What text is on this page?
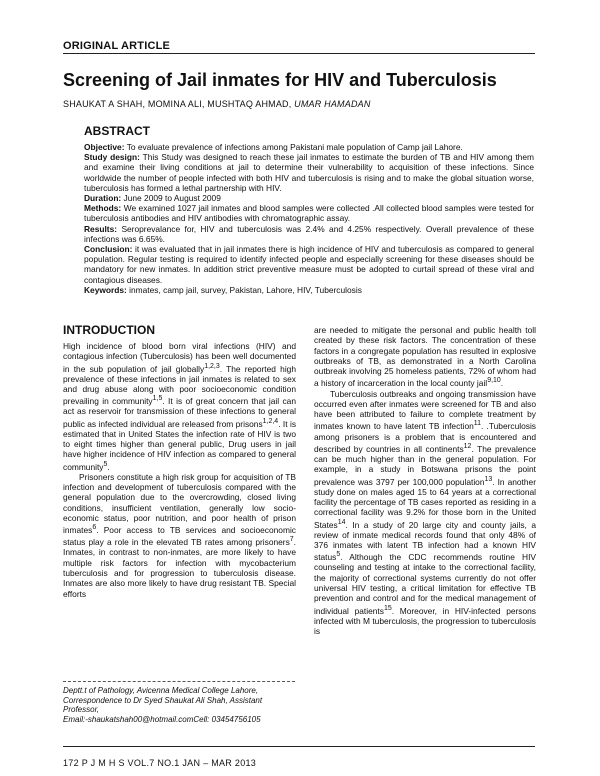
ORIGINAL ARTICLE
Screening of Jail inmates for HIV and Tuberculosis
SHAUKAT A SHAH, MOMINA ALI, MUSHTAQ AHMAD, UMAR HAMADAN
ABSTRACT

Objective: To evaluate prevalence of infections among Pakistani male population of Camp jail Lahore.

Study design: This Study was designed to reach these jail inmates to estimate the burden of TB and HIV among them and examine their living conditions at jail to determine their vulnerability to acquisition of these infections. Since worldwide the number of people infected with both HIV and tuberculosis is rising and to make the global situation worse, tuberculosis has formed a lethal partnership with HIV.

Duration: June 2009 to August 2009

Methods: We examined 1027 jail inmates and blood samples were collected .All collected blood samples were tested for tuberculosis antibodies and HIV antibodies with chromatographic assay.

Results: Seroprevalance for, HIV and tuberculosis was 2.4% and 4.25% respectively. Overall prevalence of these infections was 6.65%.

Conclusion: it was evaluated that in jail inmates there is high incidence of HIV and tuberculosis as compared to general population. Regular testing is required to identify infected people and especially screening for these diseases should be mandatory for new inmates. In addition strict preventive measure must be adopted to curtail spread of these viral and contagious diseases.

Keywords: inmates, camp jail, survey, Pakistan, Lahore, HIV, Tuberculosis

INTRODUCTION

High incidence of blood born viral infections (HIV) and contagious infection (Tuberculosis) has been well documented in the sub population of jail globally$^{1,2,3}$. The reported high prevalence of these infections in jail inmates is related to sex and drug abuse along with poor socioeconomic condition prevailing in community$^{1,5}$. It is of great concern that jail can act as reservoir for transmission of these infections to general public as infected individual are released from prisons$^{1,2,4}$. It is estimated that in United States the infection rate of HIV is two to eight times higher than general public, Drug users in jail have higher incidence of HIV infection as compared to general community$^5$.

Prisoners constitute a high risk group for acquisition of TB infection and development of tuberculosis compared with the general population due to the overcrowding, closed living conditions, insufficient ventilation, generally low socio-economic status, poor nutrition, and poor health of prison inmates$^6$. Poor access to TB services and socioeconomic status play a role in the elevated TB rates among prisoners$^7$. Inmates, in contrast to non-inmates, are more likely to have multiple risk factors for infection with mycobacterium tuberculosis and for progression to tuberculosis disease. Inmates are also more likely to have drug resistant TB. Special efforts

Deptt.t of Pathology, Avicenna Medical College Lahore,
Correspondence to Dr Syed Shaukat Ali Shah, Assistant Professor,
Email:-shaukatshah00@hotmail.comCell: 03454756105

are needed to mitigate the personal and public health toll created by these risk factors. The concentration of these factors in a congregate population has resulted in explosive outbreaks of TB, as demonstrated in a North Carolina outbreak involving 25 homeless patients, 72% of whom had a history of incarceration in the local county jail$^{9,10}$.

Tuberculosis outbreaks and ongoing transmission have occurred even after inmates were screened for TB and also have been attributed to failure to complete treatment by inmates known to have latent TB infection$^{11}$. .Tuberculosis among prisoners is a problem that is encountered and described by countries in all continents$^{12}$. The prevalence can be much higher than in the general population. For example, in a study in Botswana prisons the point prevalence was 3797 per 100,000 population$^{13}$. In another study done on males aged 15 to 64 years at a correctional facility the percentage of TB cases reported as residing in a correctional facility was 9.2% for those born in the United States$^{14}$. In a study of 20 large city and county jails, a review of inmate medical records found that only 48% of 376 inmates with latent TB infection had a known HIV status$^5$. Although the CDC recommends routine HIV counseling and testing at intake to the correctional facility, the majority of correctional systems currently do not offer universal HIV testing, a critical limitation for effective TB prevention and control and for the medical management of individual patients$^{15}$. Moreover, in HIV-infected persons infected with M tuberculosis, the progression to tuberculosis is

172 P J M H S VOL.7 NO.1 JAN – MAR 2013
